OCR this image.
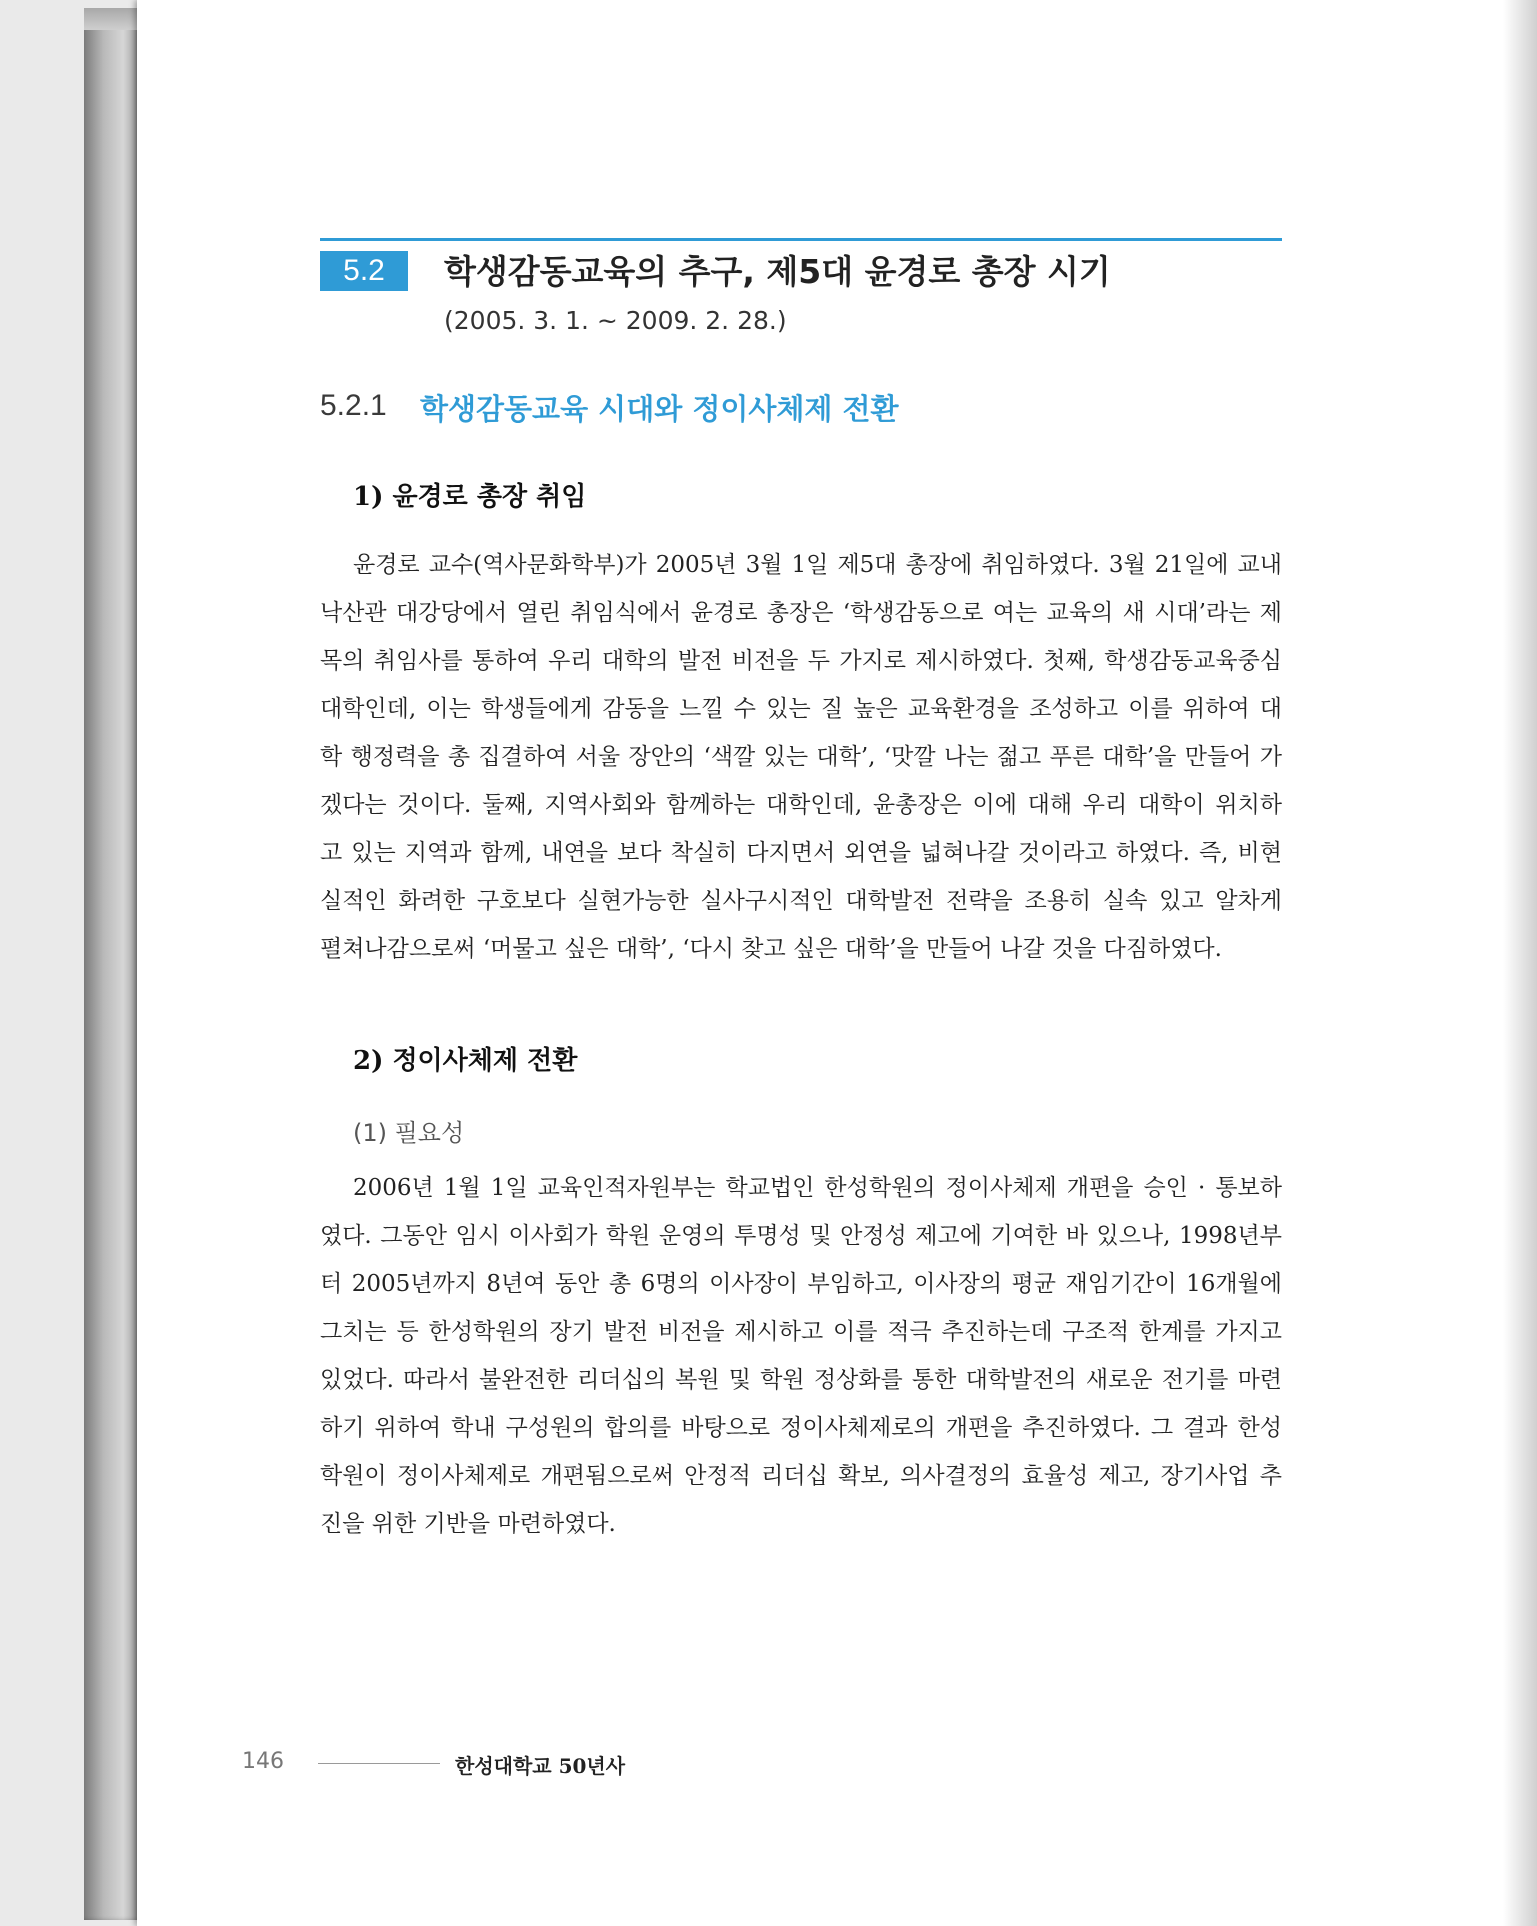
5.2	학생감동교육의 추구, 제5대 윤경로 총장 시기
(2005. 3. 1. ~ 2009. 2. 28.)
5.2.1 학생감동교육 시대와 정이사체제 전환
1) 윤경로 총장 취임
윤경로 교수(역사문화학부)가 2005년 3월 1일 제5대 총장에 취임하였다. 3월 21일에 교내
낙산관 대강당에서 열린 취임식에서 윤경로 총장은 ‘학생감동으로 여는 교육의 새 시대’라는 제
목의 취임사를 통하여 우리 대학의 발전 비전을 두 가지로 제시하였다. 첫째, 학생감동교육중심
대학인데, 이는 학생들에게 감동을 느낄 수 있는 질 높은 교육환경을 조성하고 이를 위하여 대
학 행정력을 총 집결하여 서울 장안의 ‘색깔 있는 대학’, ‘맛깔 나는 젊고 푸른 대학’을 만들어 가
겠다는 것이다. 둘째, 지역사회와 함께하는 대학인데, 윤총장은 이에 대해 우리 대학이 위치하
고 있는 지역과 함께, 내연을 보다 착실히 다지면서 외연을 넓혀나갈 것이라고 하였다. 즉, 비현
실적인 화려한 구호보다 실현가능한 실사구시적인 대학발전 전략을 조용히 실속 있고 알차게
펼쳐나감으로써 ‘머물고 싶은 대학’, ‘다시 찾고 싶은 대학’을 만들어 나갈 것을 다짐하였다.
2) 정이사체제 전환
(1) 필요성
2006년 1월 1일 교육인적자원부는 학교법인 한성학원의 정이사체제 개편을 승인 · 통보하
였다. 그동안 임시 이사회가 학원 운영의 투명성 및 안정성 제고에 기여한 바 있으나, 1998년부
터 2005년까지 8년여 동안 총 6명의 이사장이 부임하고, 이사장의 평균 재임기간이 16개월에
그치는 등 한성학원의 장기 발전 비전을 제시하고 이를 적극 추진하는데 구조적 한계를 가지고
있었다. 따라서 불완전한 리더십의 복원 및 학원 정상화를 통한 대학발전의 새로운 전기를 마련
하기 위하여 학내 구성원의 합의를 바탕으로 정이사체제로의 개편을 추진하였다. 그 결과 한성
학원이 정이사체제로 개편됨으로써 안정적 리더십 확보, 의사결정의 효율성 제고, 장기사업 추
진을 위한 기반을 마련하였다.
146	한성대학교 50년사
